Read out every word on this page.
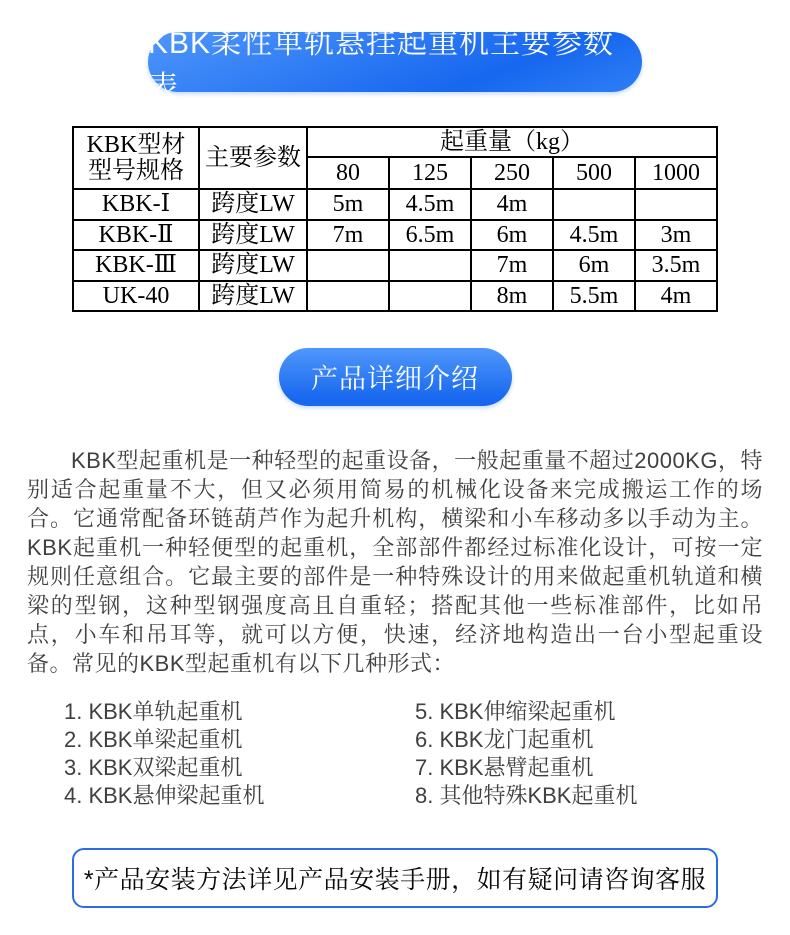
KBK柔性单轨悬挂起重机主要参数表
KBK型材型号规格	主要参数	起重量（kg）				
		80	125	250	500	1000
KBK-Ⅰ	跨度LW	5m	4.5m	4m		
KBK-Ⅱ	跨度LW	7m	6.5m	6m	4.5m	3m
KBK-Ⅲ	跨度LW			7m	6m	3.5m
UK-40	跨度LW			8m	5.5m	4m
产品详细介绍

KBK型起重机是一种轻型的起重设备，一般起重量不超过2000KG，特别适合起重量不大，但又必须用简易的机械化设备来完成搬运工作的场合。它通常配备环链葫芦作为起升机构，横梁和小车移动多以手动为主。KBK起重机一种轻便型的起重机，全部部件都经过标准化设计，可按一定规则任意组合。它最主要的部件是一种特殊设计的用来做起重机轨道和横梁的型钢，这种型钢强度高且自重轻；搭配其他一些标准部件，比如吊点，小车和吊耳等，就可以方便，快速，经济地构造出一台小型起重设备。常见的KBK型起重机有以下几种形式：

1. KBK单轨起重机
2. KBK单梁起重机
3. KBK双梁起重机
4. KBK悬伸梁起重机
5. KBK伸缩梁起重机
6. KBK龙门起重机
7. KBK悬臂起重机
8. 其他特殊KBK起重机
*产品安装方法详见产品安装手册，如有疑问请咨询客服
